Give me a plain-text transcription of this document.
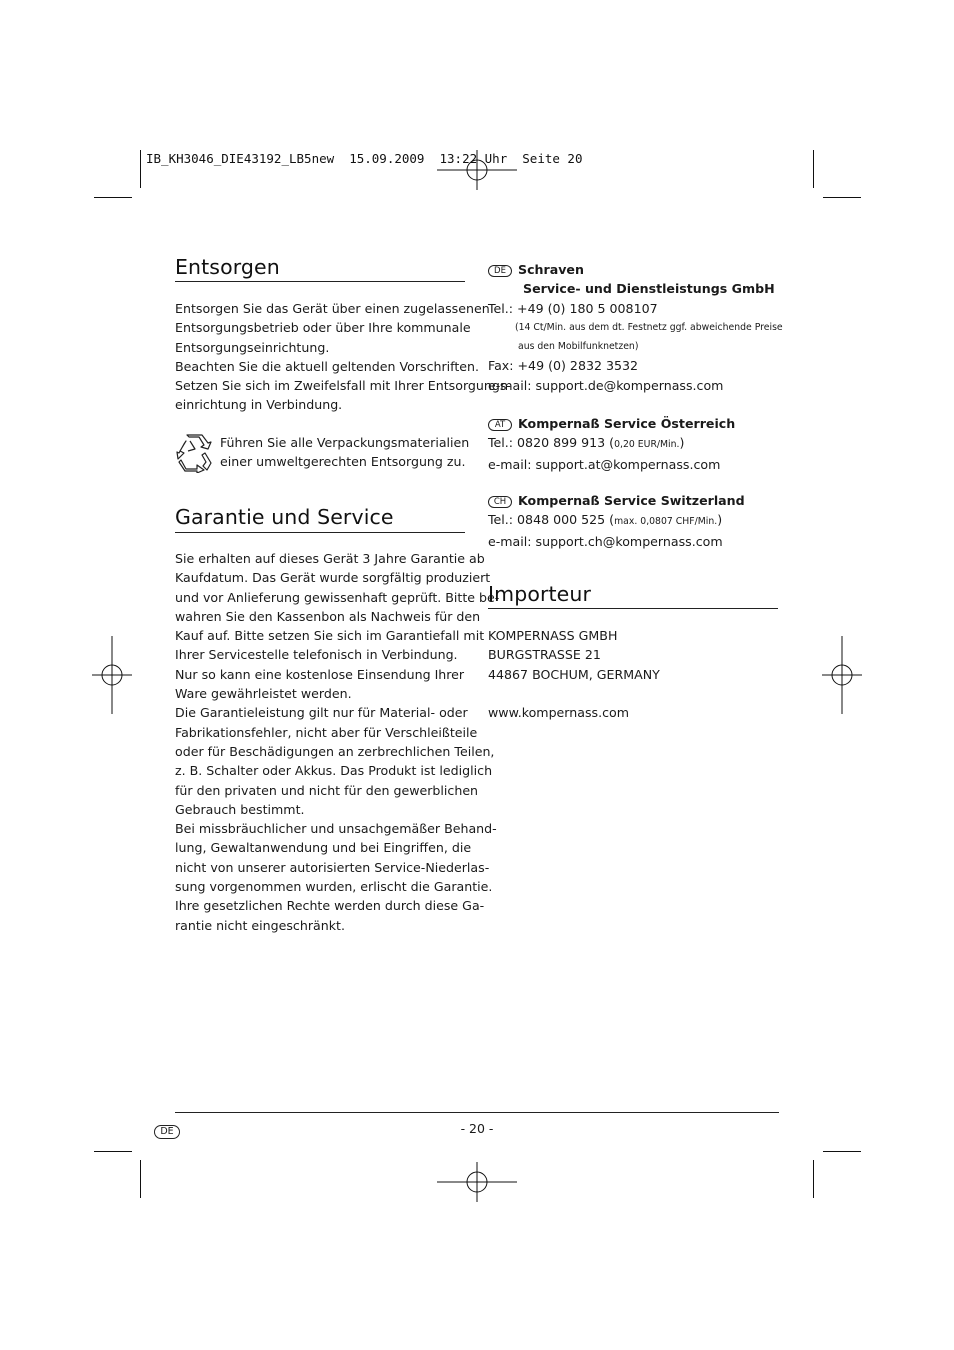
IB_KH3046_DIE43192_LB5new  15.09.2009  13:22 Uhr  Seite 20
Entsorgen
Entsorgen Sie das Gerät über einen zugelassenen
Entsorgungsbetrieb oder über Ihre kommunale
Entsorgungseinrichtung.
Beachten Sie die aktuell geltenden Vorschriften.
Setzen Sie sich im Zweifelsfall mit Ihrer Entsorgungs-
einrichtung in Verbindung.
Führen Sie alle Verpackungsmaterialien
einer umweltgerechten Entsorgung zu.
Garantie und Service
Sie erhalten auf dieses Gerät 3 Jahre Garantie ab
Kaufdatum. Das Gerät wurde sorgfältig produziert
und vor Anlieferung gewissenhaft geprüft. Bitte be-
wahren Sie den Kassenbon als Nachweis für den
Kauf auf. Bitte setzen Sie sich im Garantiefall mit
Ihrer Servicestelle telefonisch in Verbindung.
Nur so kann eine kostenlose Einsendung Ihrer
Ware gewährleistet werden.
Die Garantieleistung gilt nur für Material- oder
Fabrikationsfehler, nicht aber für Verschleißteile
oder für Beschädigungen an zerbrechlichen Teilen,
z. B. Schalter oder Akkus. Das Produkt ist lediglich
für den privaten und nicht für den gewerblichen
Gebrauch bestimmt.
Bei missbräuchlicher und unsachgemäßer Behand-
lung, Gewaltanwendung und bei Eingriffen, die
nicht von unserer autorisierten Service-Niederlas-
sung vorgenommen wurden, erlischt die Garantie.
Ihre gesetzlichen Rechte werden durch diese Ga-
rantie nicht eingeschränkt.
DE Schraven
Service- und Dienstleistungs GmbH
Tel.: +49 (0) 180 5 008107
(14 Ct/Min. aus dem dt. Festnetz ggf. abweichende Preise
aus den Mobilfunknetzen)
Fax: +49 (0) 2832 3532
e-mail: support.de@kompernass.com
AT Kompernaß Service Österreich
Tel.: 0820 899 913 (0,20 EUR/Min.)
e-mail: support.at@kompernass.com
CH Kompernaß Service Switzerland
Tel.: 0848 000 525 (max. 0,0807 CHF/Min.)
e-mail: support.ch@kompernass.com
Importeur
KOMPERNASS GMBH
BURGSTRASSE 21
44867 BOCHUM, GERMANY

www.kompernass.com
DE	- 20 -
